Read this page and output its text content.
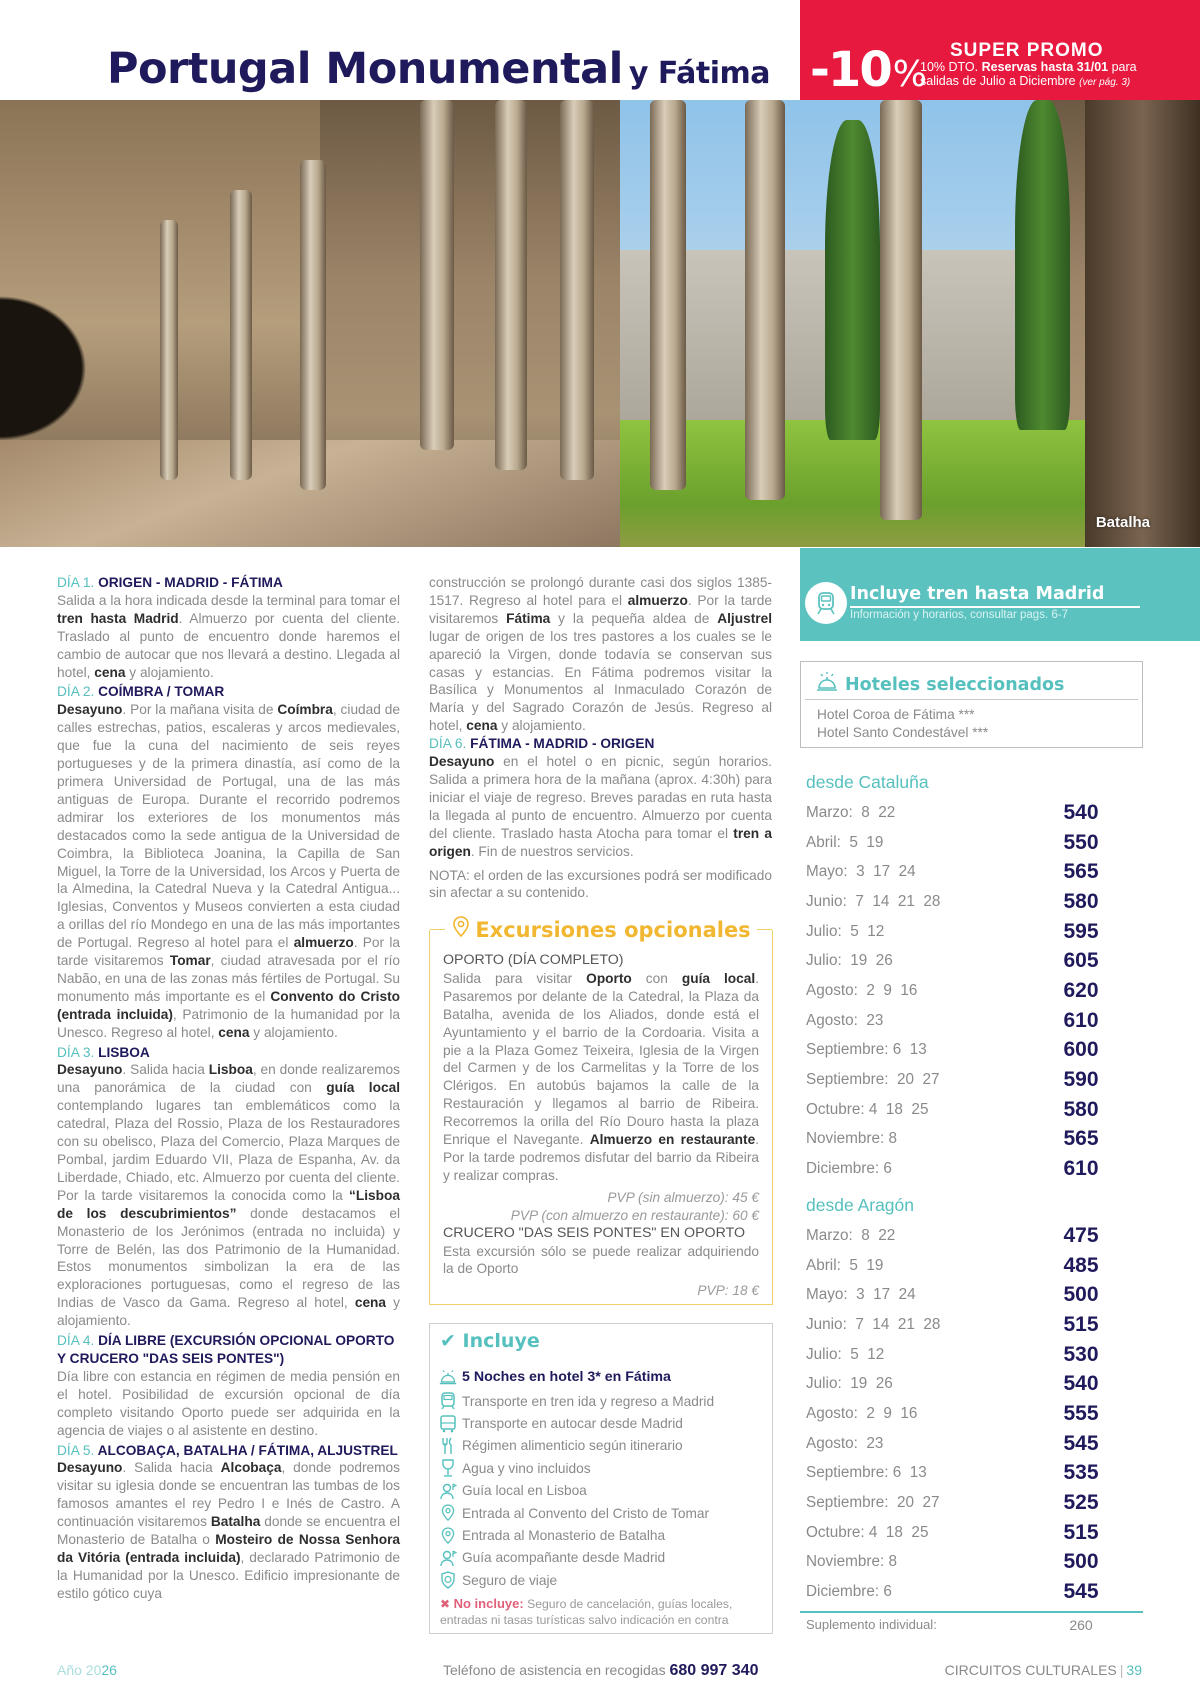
Portugal Monumental y Fátima -10%
SUPER PROMO
10% DTO. Reservas hasta 31/01 para
salidas de Julio a Diciembre (ver pág. 3)
Batalha
DÍA 1. ORIGEN - MADRID - FÁTIMA
Salida a la hora indicada desde la terminal para tomar el tren hasta Madrid. Almuerzo por cuenta del cliente. Traslado al punto de encuentro donde haremos el cambio de autocar que nos llevará a destino. Llegada al hotel, cena y alojamiento.
DÍA 2. COÍMBRA / TOMAR
Desayuno. Por la mañana visita de Coímbra, ciudad de calles estrechas, patios, escaleras y arcos medievales, que fue la cuna del nacimiento de seis reyes portugueses y de la primera dinastía, así como de la primera Universidad de Portugal, una de las más antiguas de Europa. Durante el recorrido podremos admirar los exteriores de los monumentos más destacados como la sede antigua de la Universidad de Coimbra, la Biblioteca Joanina, la Capilla de San Miguel, la Torre de la Universidad, los Arcos y Puerta de la Almedina, la Catedral Nueva y la Catedral Antigua... Iglesias, Conventos y Museos convierten a esta ciudad a orillas del río Mondego en una de las más importantes de Portugal. Regreso al hotel para el almuerzo. Por la tarde visitaremos Tomar, ciudad atravesada por el río Nabão, en una de las zonas más fértiles de Portugal. Su monumento más importante es el Convento do Cristo (entrada incluida), Patrimonio de la humanidad por la Unesco. Regreso al hotel, cena y alojamiento.
DÍA 3. LISBOA
Desayuno. Salida hacia Lisboa, en donde realizaremos una panorámica de la ciudad con guía local contemplando lugares tan emblemáticos como la catedral, Plaza del Rossio, Plaza de los Restauradores con su obelisco, Plaza del Comercio, Plaza Marques de Pombal, jardim Eduardo VII, Plaza de Espanha, Av. da Liberdade, Chiado, etc. Almuerzo por cuenta del cliente. Por la tarde visitaremos la conocida como la “Lisboa de los descubrimientos” donde destacamos el Monasterio de los Jerónimos (entrada no incluida) y Torre de Belén, las dos Patrimonio de la Humanidad. Estos monumentos simbolizan la era de las exploraciones portuguesas, como el regreso de las Indias de Vasco da Gama. Regreso al hotel, cena y alojamiento.
DÍA 4. DÍA LIBRE (EXCURSIÓN OPCIONAL OPORTO Y CRUCERO "DAS SEIS PONTES")
Día libre con estancia en régimen de media pensión en el hotel. Posibilidad de excursión opcional de día completo visitando Oporto puede ser adquirida en la agencia de viajes o al asistente en destino.
DÍA 5. ALCOBAÇA, BATALHA / FÁTIMA, ALJUSTREL
Desayuno. Salida hacia Alcobaça, donde podremos visitar su iglesia donde se encuentran las tumbas de los famosos amantes el rey Pedro I e Inés de Castro. A continuación visitaremos Batalha donde se encuentra el Monasterio de Batalha o Mosteiro de Nossa Senhora da Vitória (entrada incluida), declarado Patrimonio de la Humanidad por la Unesco. Edificio impresionante de estilo gótico cuya
construcción se prolongó durante casi dos siglos 1385-1517. Regreso al hotel para el almuerzo. Por la tarde visitaremos Fátima y la pequeña aldea de Aljustrel lugar de origen de los tres pastores a los cuales se le apareció la Virgen, donde todavía se conservan sus casas y estancias. En Fátima podremos visitar la Basílica y Monumentos al Inmaculado Corazón de María y del Sagrado Corazón de Jesús. Regreso al hotel, cena y alojamiento.
DÍA 6. FÁTIMA - MADRID - ORIGEN
Desayuno en el hotel o en picnic, según horarios. Salida a primera hora de la mañana (aprox. 4:30h) para iniciar el viaje de regreso. Breves paradas en ruta hasta la llegada al punto de encuentro. Almuerzo por cuenta del cliente. Traslado hasta Atocha para tomar el tren a origen. Fin de nuestros servicios.
NOTA: el orden de las excursiones podrá ser modificado sin afectar a su contenido.
Excursiones opcionales
OPORTO (DÍA COMPLETO)
Salida para visitar Oporto con guía local. Pasaremos por delante de la Catedral, la Plaza da Batalha, avenida de los Aliados, donde está el Ayuntamiento y el barrio de la Cordoaria. Visita a pie a la Plaza Gomez Teixeira, Iglesia de la Virgen del Carmen y de los Carmelitas y la Torre de los Clérigos. En autobús bajamos la calle de la Restauración y llegamos al barrio de Ribeira. Recorremos la orilla del Río Douro hasta la plaza Enrique el Navegante. Almuerzo en restaurante. Por la tarde podremos disfutar del barrio da Ribeira y realizar compras.
PVP (sin almuerzo): 45 €
PVP (con almuerzo en restaurante): 60 €
CRUCERO "DAS SEIS PONTES" EN OPORTO
Esta excursión sólo se puede realizar adquiriendo la de Oporto
PVP: 18 €
✔ Incluye
5 Noches en hotel 3* en Fátima
Transporte en tren ida y regreso a Madrid
Transporte en autocar desde Madrid
Régimen alimenticio según itinerario
Agua y vino incluidos
Guía local en Lisboa
Entrada al Convento del Cristo de Tomar
Entrada al Monasterio de Batalha
Guía acompañante desde Madrid
Seguro de viaje
✖ No incluye: Seguro de cancelación, guías locales, entradas ni tasas turísticas salvo indicación en contra
Incluye tren hasta Madrid
Información y horarios, consultar pags. 6-7
Hoteles seleccionados
Hotel Coroa de Fátima ***
Hotel Santo Condestável ***
desde Cataluña
Marzo:  8  22	540
Abril:  5  19	550
Mayo:  3  17  24	565
Junio:  7  14  21  28	580
Julio:  5  12	595
Julio:  19  26	605
Agosto:  2  9  16	620
Agosto:  23	610
Septiembre: 6  13	600
Septiembre:  20  27	590
Octubre: 4  18  25	580
Noviembre: 8	565
Diciembre: 6	610
desde Aragón
Marzo:  8  22	475
Abril:  5  19	485
Mayo:  3  17  24	500
Junio:  7  14  21  28	515
Julio:  5  12	530
Julio:  19  26	540
Agosto:  2  9  16	555
Agosto:  23	545
Septiembre: 6  13	535
Septiembre:  20  27	525
Octubre: 4  18  25	515
Noviembre: 8	500
Diciembre: 6	545
Suplemento individual:	260
Año 2026	Teléfono de asistencia en recogidas 680 997 340	CIRCUITOS CULTURALES | 39
